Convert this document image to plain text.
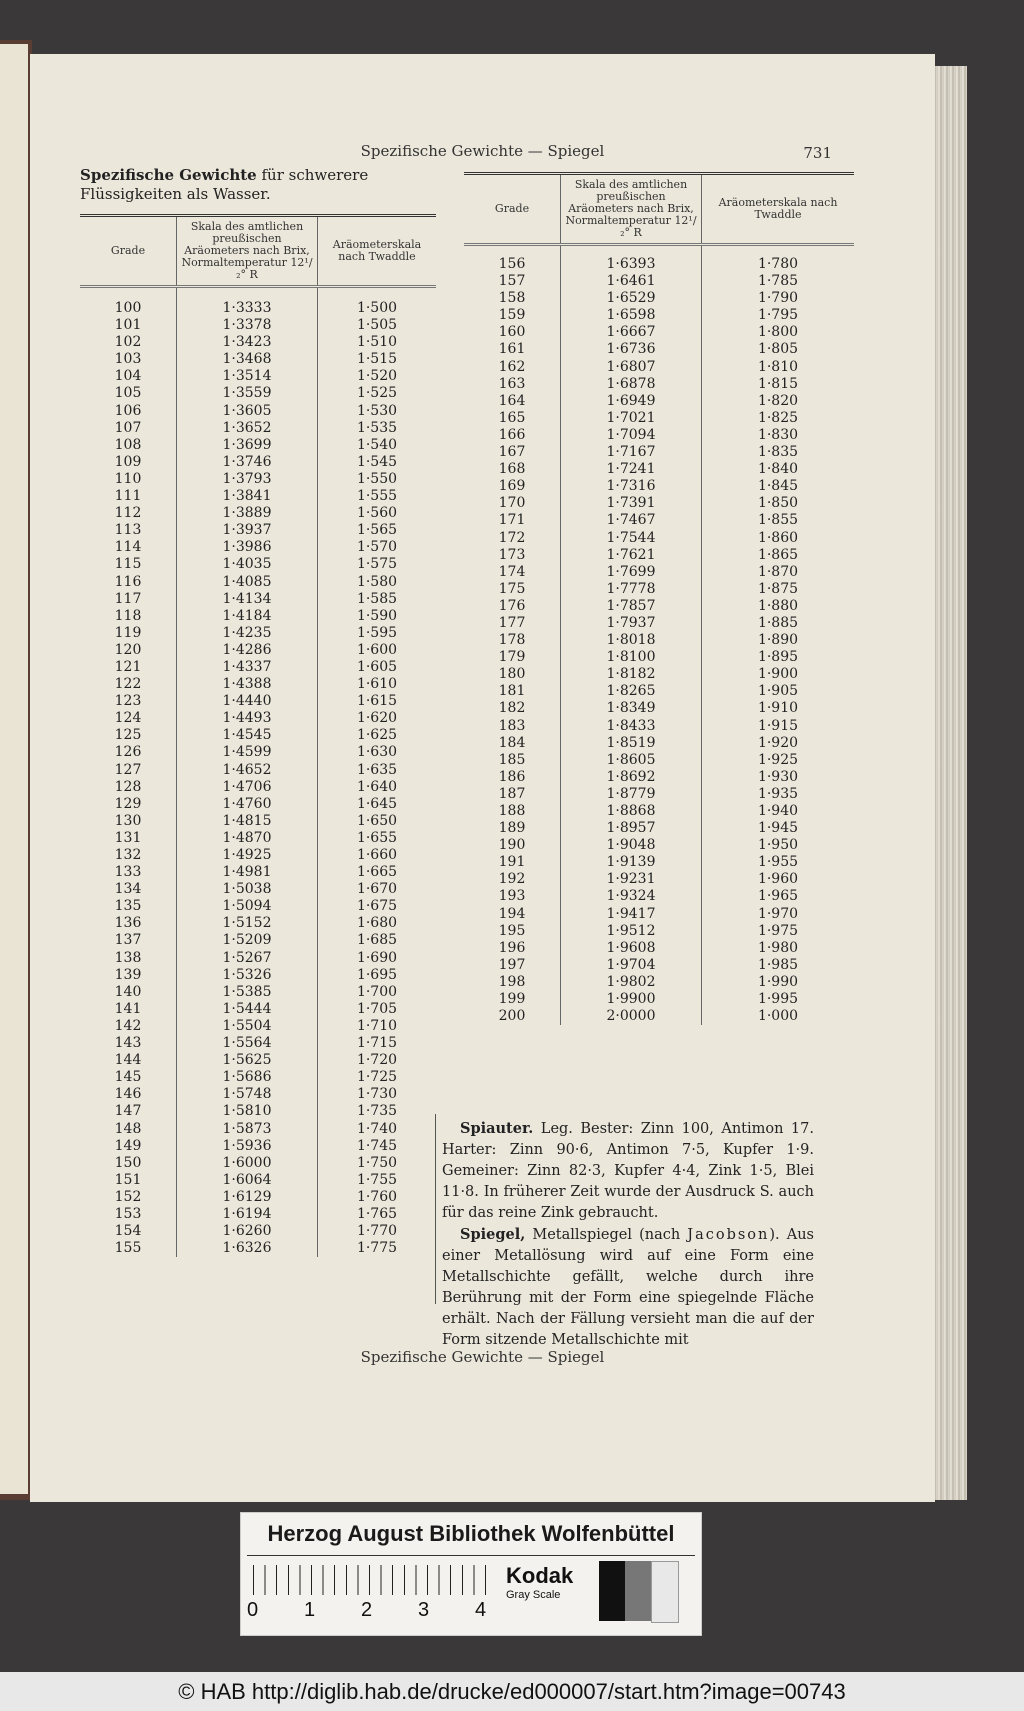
Spezifische Gewichte — Spiegel	731
Spezifische Gewichte für schwerere Flüssigkeiten als Wasser.
Grade	Skala des amtlichen preußischen Aräometers nach Brix, Normaltemperatur 12¹/₂° R	Aräometerskala nach Twaddle
100	1·3333	1·500
101	1·3378	1·505
102	1·3423	1·510
103	1·3468	1·515
104	1·3514	1·520
105	1·3559	1·525
106	1·3605	1·530
107	1·3652	1·535
108	1·3699	1·540
109	1·3746	1·545
110	1·3793	1·550
111	1·3841	1·555
112	1·3889	1·560
113	1·3937	1·565
114	1·3986	1·570
115	1·4035	1·575
116	1·4085	1·580
117	1·4134	1·585
118	1·4184	1·590
119	1·4235	1·595
120	1·4286	1·600
121	1·4337	1·605
122	1·4388	1·610
123	1·4440	1·615
124	1·4493	1·620
125	1·4545	1·625
126	1·4599	1·630
127	1·4652	1·635
128	1·4706	1·640
129	1·4760	1·645
130	1·4815	1·650
131	1·4870	1·655
132	1·4925	1·660
133	1·4981	1·665
134	1·5038	1·670
135	1·5094	1·675
136	1·5152	1·680
137	1·5209	1·685
138	1·5267	1·690
139	1·5326	1·695
140	1·5385	1·700
141	1·5444	1·705
142	1·5504	1·710
143	1·5564	1·715
144	1·5625	1·720
145	1·5686	1·725
146	1·5748	1·730
147	1·5810	1·735
148	1·5873	1·740
149	1·5936	1·745
150	1·6000	1·750
151	1·6064	1·755
152	1·6129	1·760
153	1·6194	1·765
154	1·6260	1·770
155	1·6326	1·775
Grade	Skala des amtlichen preußischen Aräometers nach Brix, Normaltemperatur 12¹/₂° R	Aräometerskala nach Twaddle
156	1·6393	1·780
157	1·6461	1·785
158	1·6529	1·790
159	1·6598	1·795
160	1·6667	1·800
161	1·6736	1·805
162	1·6807	1·810
163	1·6878	1·815
164	1·6949	1·820
165	1·7021	1·825
166	1·7094	1·830
167	1·7167	1·835
168	1·7241	1·840
169	1·7316	1·845
170	1·7391	1·850
171	1·7467	1·855
172	1·7544	1·860
173	1·7621	1·865
174	1·7699	1·870
175	1·7778	1·875
176	1·7857	1·880
177	1·7937	1·885
178	1·8018	1·890
179	1·8100	1·895
180	1·8182	1·900
181	1·8265	1·905
182	1·8349	1·910
183	1·8433	1·915
184	1·8519	1·920
185	1·8605	1·925
186	1·8692	1·930
187	1·8779	1·935
188	1·8868	1·940
189	1·8957	1·945
190	1·9048	1·950
191	1·9139	1·955
192	1·9231	1·960
193	1·9324	1·965
194	1·9417	1·970
195	1·9512	1·975
196	1·9608	1·980
197	1·9704	1·985
198	1·9802	1·990
199	1·9900	1·995
200	2·0000	1·000

Spiauter. Leg. Bester: Zinn 100, Antimon 17. Harter: Zinn 90·6, Antimon 7·5, Kupfer 1·9. Gemeiner: Zinn 82·3, Kupfer 4·4, Zink 1·5, Blei 11·8. In früherer Zeit wurde der Ausdruck S. auch für das reine Zink gebraucht.

Spiegel, Metallspiegel (nach Jacobson). Aus einer Metallösung wird auf eine Form eine Metallschichte gefällt, welche durch ihre Berührung mit der Form eine spiegelnde Fläche erhält. Nach der Fällung versieht man die auf der Form sitzende Metallschichte mit

Spezifische Gewichte — Spiegel
Herzog August Bibliothek Wolfenbüttel
0 1 2 3 4
Kodak
Gray Scale
© HAB http://diglib.hab.de/drucke/ed000007/start.htm?image=00743
